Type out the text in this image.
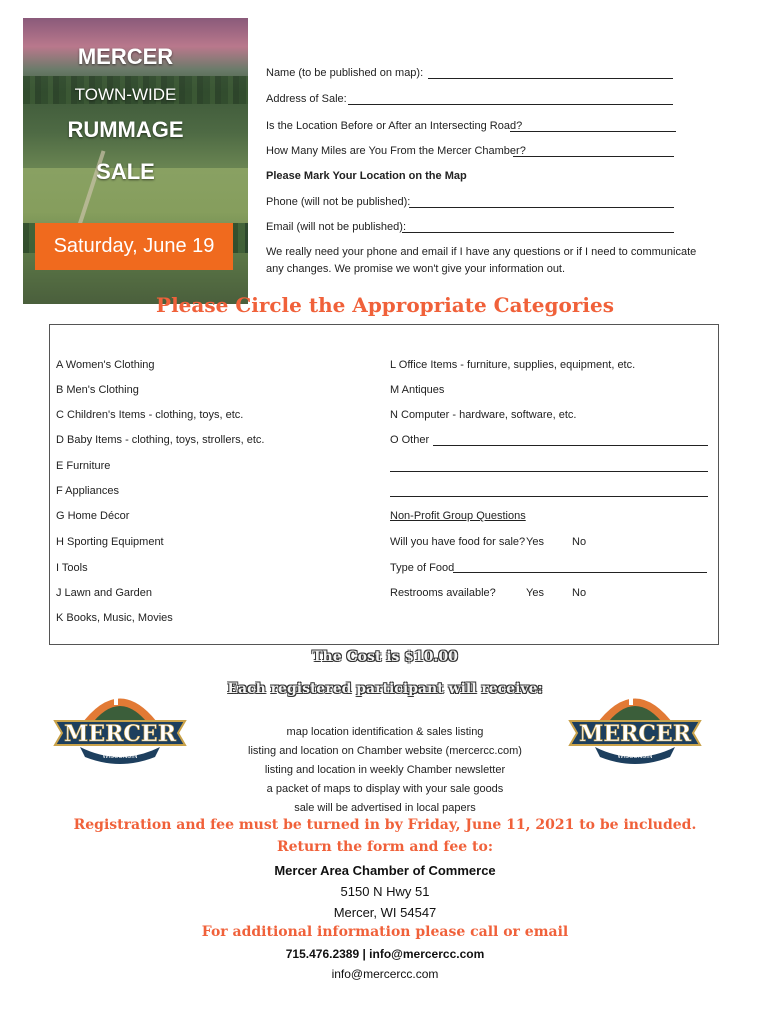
MERCER
TOWN-WIDE
RUMMAGE
SALE
Saturday, June 19
Name (to be published on map):
Address of Sale:
Is the Location Before or After an Intersecting Road?
How Many Miles are You From the Mercer Chamber?
Please Mark Your Location on the Map
Phone (will not be published):
Email (will not be published):
We really need your phone and email if I have any questions or if I need to communicate any changes. We promise we won't give your information out.
Please Circle the Appropriate Categories
A Women's Clothing
B Men's Clothing
C Children's Items - clothing, toys, etc.
D Baby Items - clothing, toys, strollers, etc.
E Furniture
F Appliances
G Home Décor
H Sporting Equipment
I Tools
J Lawn and Garden
K Books, Music, Movies
L Office Items - furniture, supplies, equipment, etc.
M Antiques
N Computer - hardware, software, etc.
O Other
Non-Profit Group Questions
Will you have food for sale? Yes	No
Type of Food
Restrooms available?	Yes	No
The Cost is $10.00
Each registered participant will receive:
MERCER
WISCONSIN
MERCER
WISCONSIN
map location identification & sales listing
listing and location on Chamber website (mercercc.com)
listing and location in weekly Chamber newsletter
a packet of maps to display with your sale goods
sale will be advertised in local papers
Registration and fee must be turned in by Friday, June 11, 2021 to be included.
Return the form and fee to:
Mercer Area Chamber of Commerce
5150 N Hwy 51
Mercer, WI 54547
For additional information please call or email
715.476.2389 | info@mercercc.com
info@mercercc.com
